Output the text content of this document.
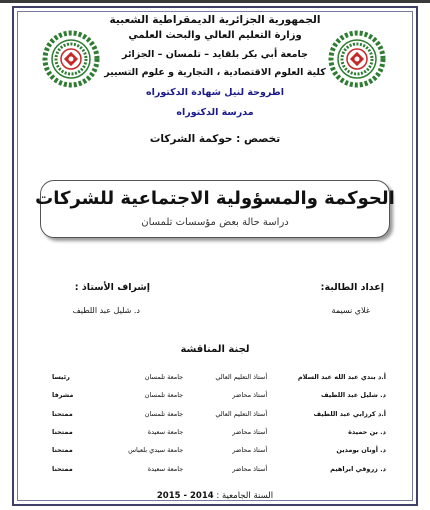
الجمهورية الجزائرية الديمقراطية الشعبية
وزارة التعليم العالي والبحث العلمي
جامعة أبي بكر بلقايد – تلمسان – الجزائر
كلية العلوم الاقتصادية ، التجارية و علوم التسيير
اطروحة لنيل شهادة الدكتوراه
مدرسة الدكتوراه
تخصص : حوكمة الشركات
الحوكمة والمسؤولية الاجتماعية للشركات
دراسة حالة بعض مؤسسات تلمسان
إعداد الطالبة:
إشراف الأستاذ :
غلاي نسيمة
د. شليل عبد اللطيف
لجنة المناقشة
أ.د بندي عبد الله عبد السلام	أستاذ التعليم العالي	جامعة تلمسان	رئيسا
د. شليل عبد اللطيف	أستاذ محاضر	جامعة تلمسان	مشرفا
أ.د كرزابي عبد اللطيف	أستاذ التعليم العالي	جامعة تلمسان	ممتحنا
د. بن حميدة	أستاذ محاضر	جامعة سعيدة	ممتحنا
د. أونان بومدين	أستاذ محاضر	جامعة سيدي بلعباس	ممتحنا
د. زروقي ابراهيم	أستاذ محاضر	جامعة سعيدة	ممتحنا
السنة الجامعية : 2014 - 2015
